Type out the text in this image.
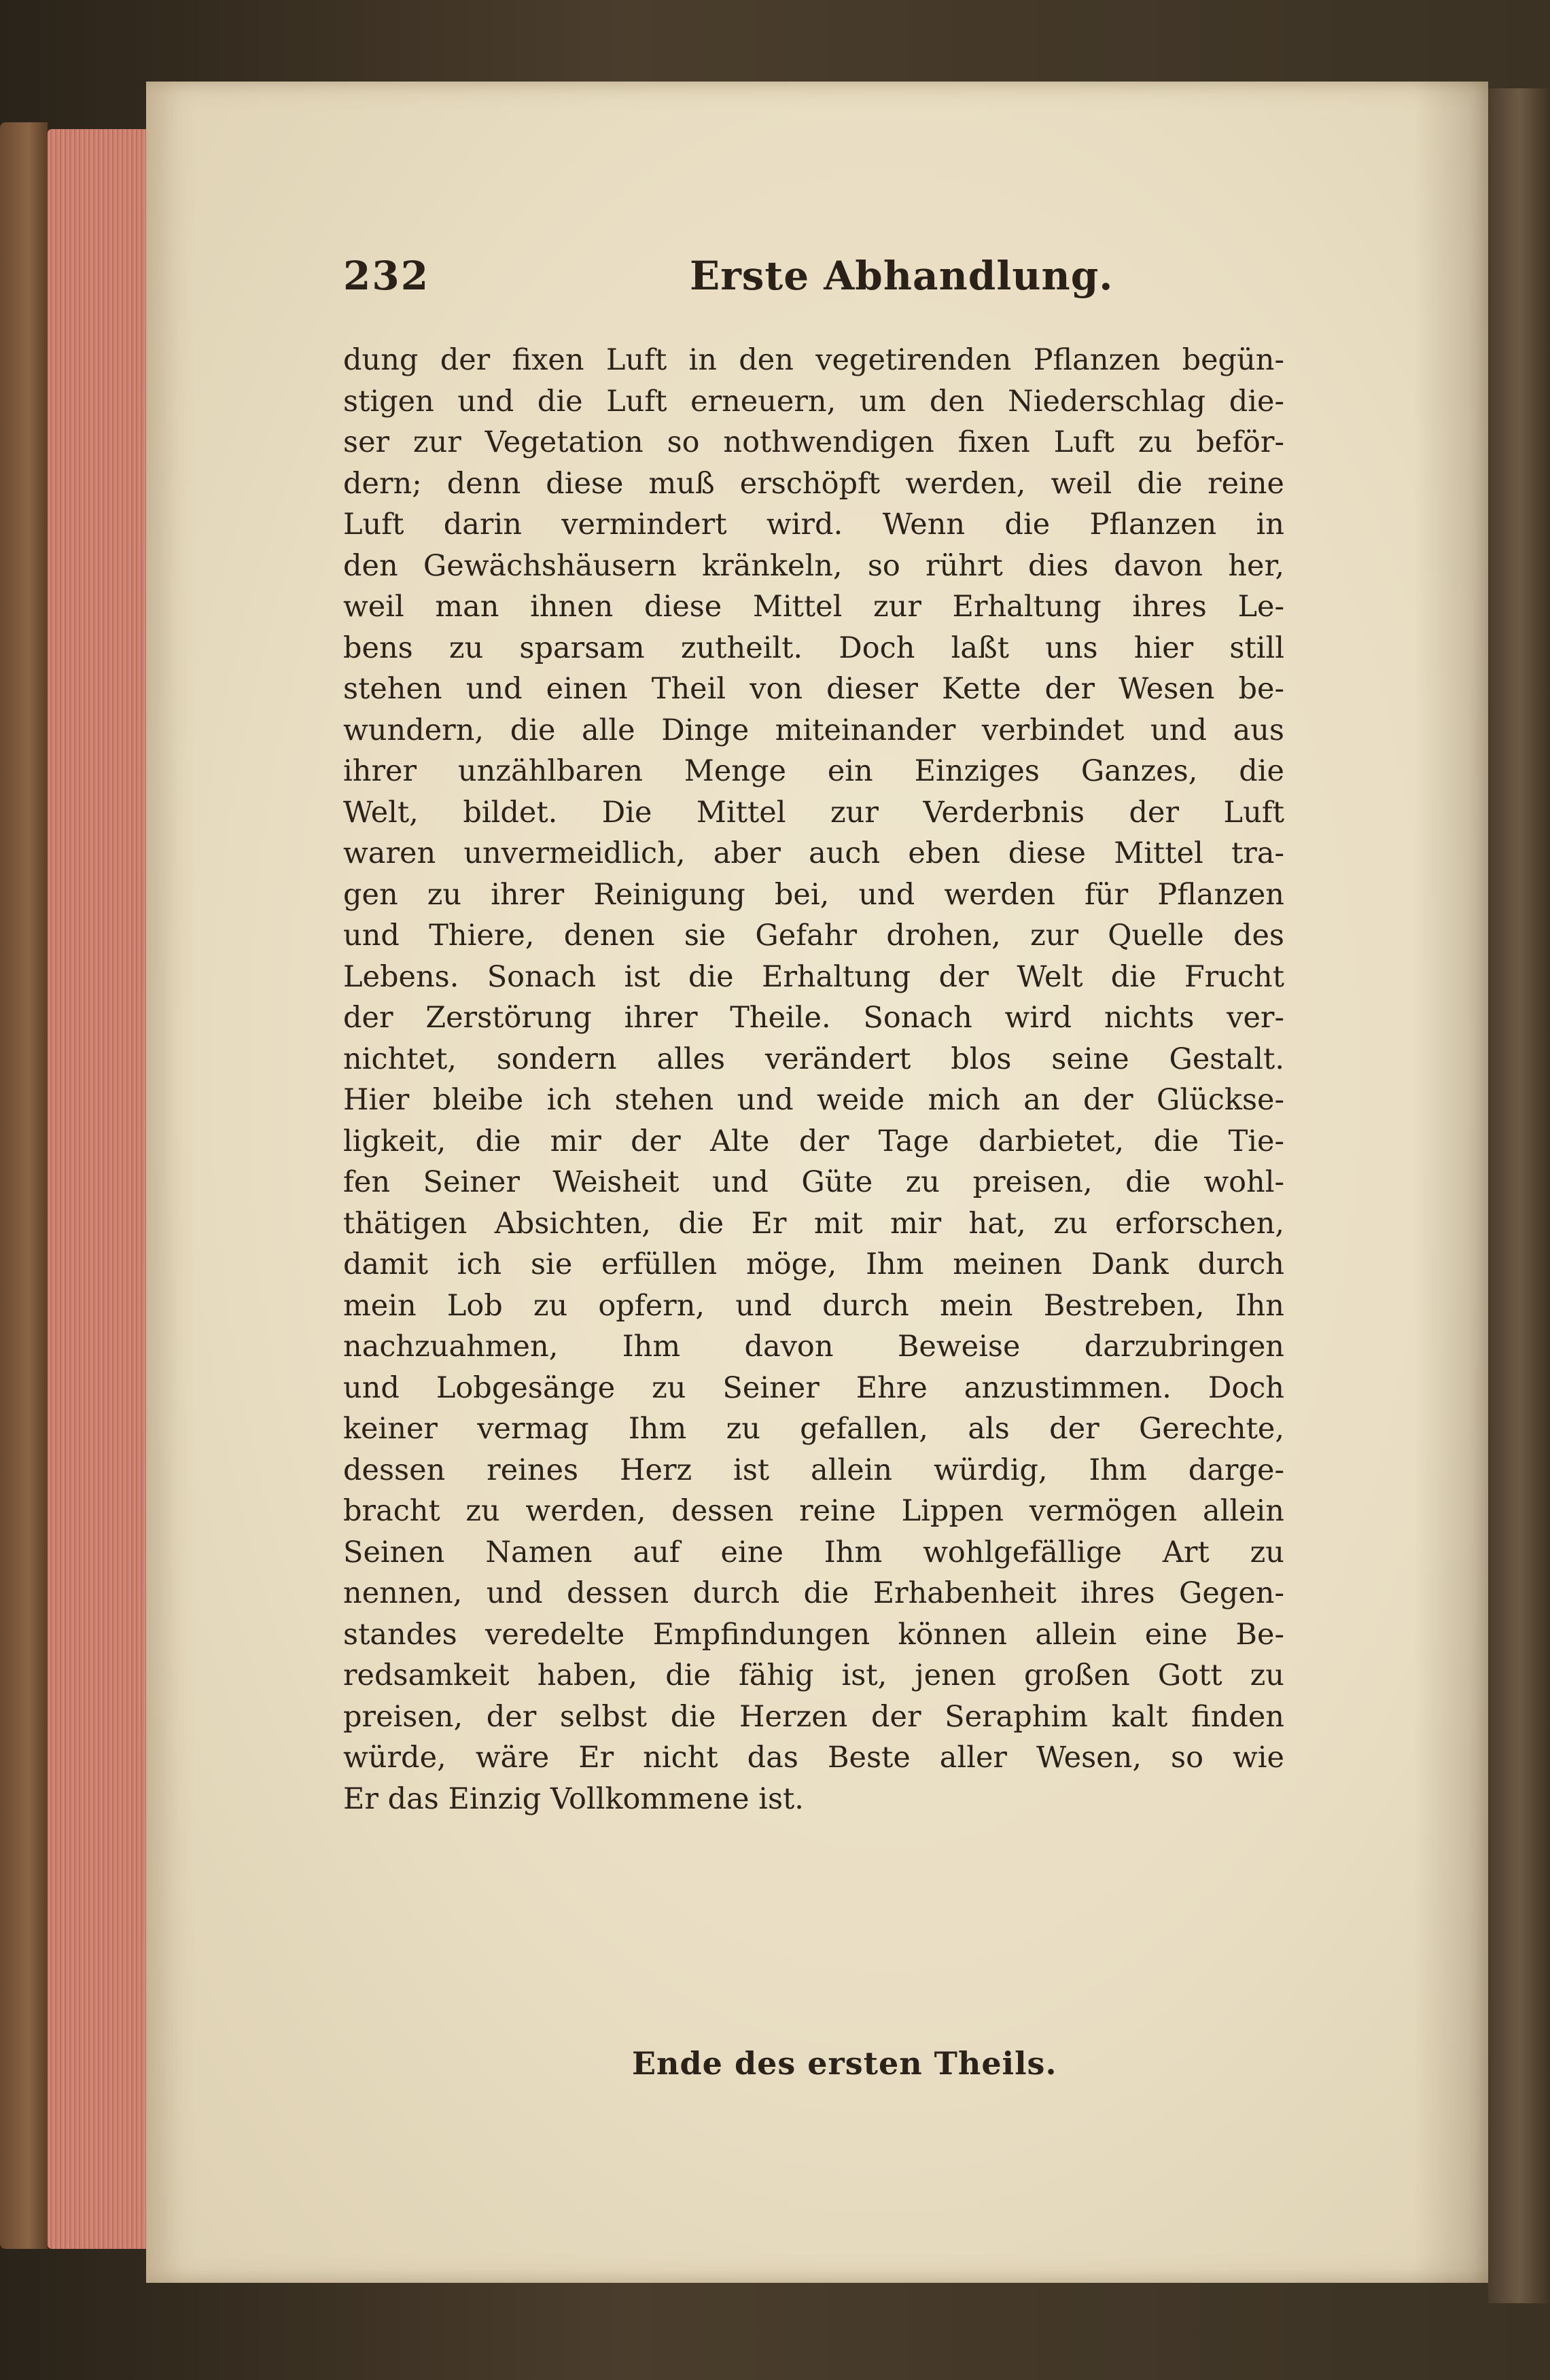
232	Erste Abhandlung.
dung der fixen Luft in den vegetirenden Pflanzen begün-
stigen und die Luft erneuern, um den Niederschlag die-
ser zur Vegetation so nothwendigen fixen Luft zu beför-
dern; denn diese muß erschöpft werden, weil die reine
Luft darin vermindert wird. Wenn die Pflanzen in
den Gewächshäusern kränkeln, so rührt dies davon her,
weil man ihnen diese Mittel zur Erhaltung ihres Le-
bens zu sparsam zutheilt. Doch laßt uns hier still
stehen und einen Theil von dieser Kette der Wesen be-
wundern, die alle Dinge miteinander verbindet und aus
ihrer unzählbaren Menge ein Einziges Ganzes, die
Welt, bildet. Die Mittel zur Verderbnis der Luft
waren unvermeidlich, aber auch eben diese Mittel tra-
gen zu ihrer Reinigung bei, und werden für Pflanzen
und Thiere, denen sie Gefahr drohen, zur Quelle des
Lebens. Sonach ist die Erhaltung der Welt die Frucht
der Zerstörung ihrer Theile. Sonach wird nichts ver-
nichtet, sondern alles verändert blos seine Gestalt.
Hier bleibe ich stehen und weide mich an der Glückse-
ligkeit, die mir der Alte der Tage darbietet, die Tie-
fen Seiner Weisheit und Güte zu preisen, die wohl-
thätigen Absichten, die Er mit mir hat, zu erforschen,
damit ich sie erfüllen möge, Ihm meinen Dank durch
mein Lob zu opfern, und durch mein Bestreben, Ihn
nachzuahmen, Ihm davon Beweise darzubringen
und Lobgesänge zu Seiner Ehre anzustimmen. Doch
keiner vermag Ihm zu gefallen, als der Gerechte,
dessen reines Herz ist allein würdig, Ihm darge-
bracht zu werden, dessen reine Lippen vermögen allein
Seinen Namen auf eine Ihm wohlgefällige Art zu
nennen, und dessen durch die Erhabenheit ihres Gegen-
standes veredelte Empfindungen können allein eine Be-
redsamkeit haben, die fähig ist, jenen großen Gott zu
preisen, der selbst die Herzen der Seraphim kalt finden
würde, wäre Er nicht das Beste aller Wesen, so wie
Er das Einzig Vollkommene ist.
Ende des ersten Theils.
